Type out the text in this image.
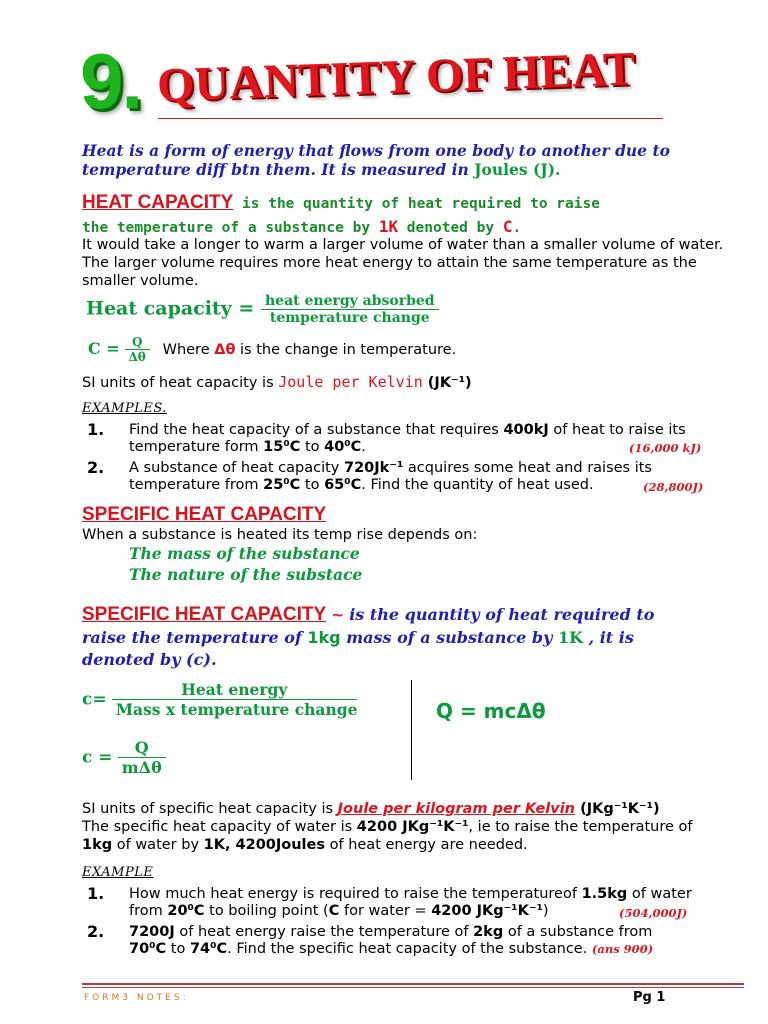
9. QUANTITY OF HEAT
Heat is a form of energy that flows from one body to another due to temperature diff btn them. It is measured in Joules (J).
HEAT CAPACITY is the quantity of heat required to raise
the temperature of a substance by 1K denoted by C.
It would take a longer to warm a larger volume of water than a smaller volume of water. The larger volume requires more heat energy to attain the same temperature as the smaller volume.
Heat capacity = $\frac{\text{heat energy absorbed}}{\text{temperature change}}$
$C = \frac{Q}{\Delta\theta}$ Where Δθ is the change in temperature.
SI units of heat capacity is Joule per Kelvin (JK⁻¹)
EXAMPLES.
1. Find the heat capacity of a substance that requires 400kJ of heat to raise its
temperature form 15⁰C to 40⁰C.	(16,000 kJ)
2. A substance of heat capacity 720Jk⁻¹ acquires some heat and raises its
temperature from 25⁰C to 65⁰C. Find the quantity of heat used.	(28,800J)
SPECIFIC HEAT CAPACITY
When a substance is heated its temp rise depends on:
The mass of the substance
The nature of the substace
SPECIFIC HEAT CAPACITY ~ is the quantity of heat required to
raise the temperature of 1kg mass of a substance by 1K , it is
denoted by (c).
$c= \frac{\text{Heat energy}}{\text{Mass x temperature change}}$
$c = \frac{Q}{\text{mΔθ}}$
Q = mcΔθ
SI units of specific heat capacity is Joule per kilogram per Kelvin (JKg⁻¹K⁻¹)
The specific heat capacity of water is 4200 JKg⁻¹K⁻¹, ie to raise the temperature of
1kg of water by 1K, 4200Joules of heat energy are needed.
EXAMPLE
1. How much heat energy is required to raise the temperatureof 1.5kg of water
from 20⁰C to boiling point (C for water = 4200 JKg⁻¹K⁻¹)	(504,000J)
2. 7200J of heat energy raise the temperature of 2kg of a substance from
70⁰C to 74⁰C. Find the specific heat capacity of the substance. (ans 900)
FORM3 NOTES:	Pg 1
